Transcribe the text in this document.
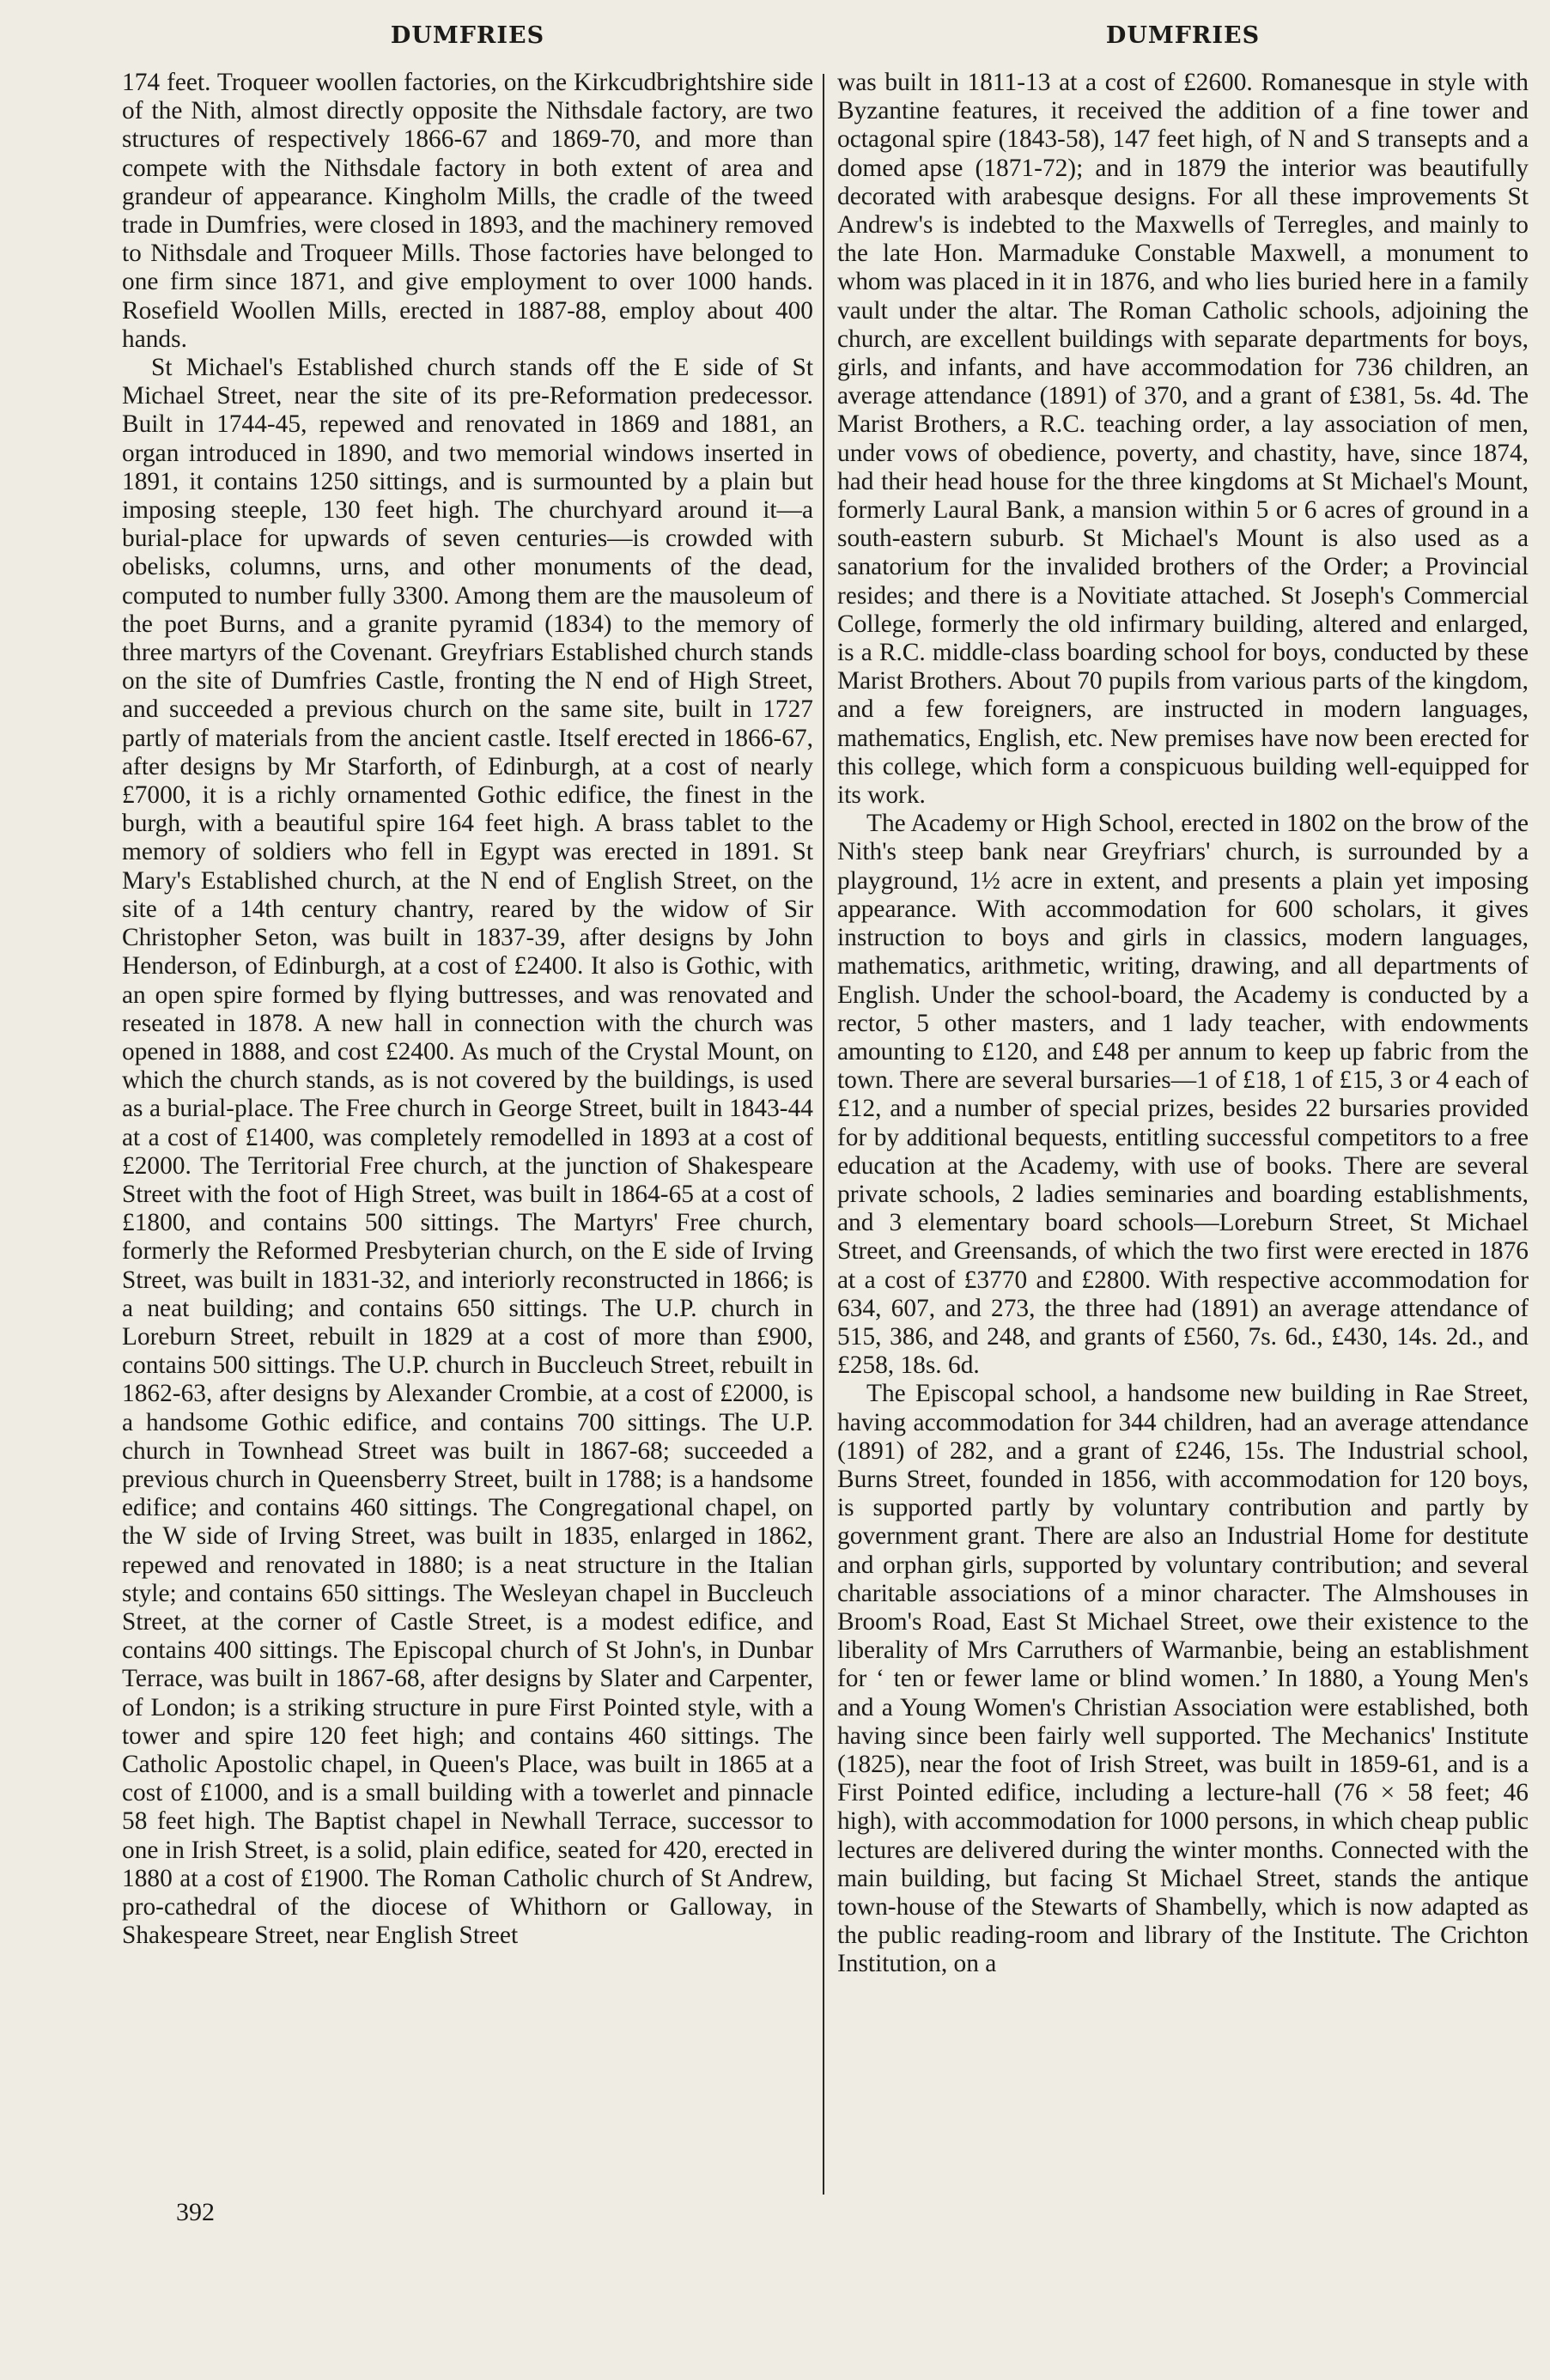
DUMFRIES	DUMFRIES

174 feet. Troqueer woollen factories, on the Kirkcudbrightshire side of the Nith, almost directly opposite the Nithsdale factory, are two structures of respectively 1866-67 and 1869-70, and more than compete with the Nithsdale factory in both extent of area and grandeur of appearance. Kingholm Mills, the cradle of the tweed trade in Dumfries, were closed in 1893, and the machinery removed to Nithsdale and Troqueer Mills. Those factories have belonged to one firm since 1871, and give employment to over 1000 hands. Rosefield Woollen Mills, erected in 1887-88, employ about 400 hands.

St Michael's Established church stands off the E side of St Michael Street, near the site of its pre-Reformation predecessor. Built in 1744-45, repewed and renovated in 1869 and 1881, an organ introduced in 1890, and two memorial windows inserted in 1891, it contains 1250 sittings, and is surmounted by a plain but imposing steeple, 130 feet high. The churchyard around it—a burial-place for upwards of seven centuries—is crowded with obelisks, columns, urns, and other monuments of the dead, computed to number fully 3300. Among them are the mausoleum of the poet Burns, and a granite pyramid (1834) to the memory of three martyrs of the Covenant. Greyfriars Established church stands on the site of Dumfries Castle, fronting the N end of High Street, and succeeded a previous church on the same site, built in 1727 partly of materials from the ancient castle. Itself erected in 1866-67, after designs by Mr Starforth, of Edinburgh, at a cost of nearly £7000, it is a richly ornamented Gothic edifice, the finest in the burgh, with a beautiful spire 164 feet high. A brass tablet to the memory of soldiers who fell in Egypt was erected in 1891. St Mary's Established church, at the N end of English Street, on the site of a 14th century chantry, reared by the widow of Sir Christopher Seton, was built in 1837-39, after designs by John Henderson, of Edinburgh, at a cost of £2400. It also is Gothic, with an open spire formed by flying buttresses, and was renovated and reseated in 1878. A new hall in connection with the church was opened in 1888, and cost £2400. As much of the Crystal Mount, on which the church stands, as is not covered by the buildings, is used as a burial-place. The Free church in George Street, built in 1843-44 at a cost of £1400, was completely remodelled in 1893 at a cost of £2000. The Territorial Free church, at the junction of Shakespeare Street with the foot of High Street, was built in 1864-65 at a cost of £1800, and contains 500 sittings. The Martyrs' Free church, formerly the Reformed Presbyterian church, on the E side of Irving Street, was built in 1831-32, and interiorly reconstructed in 1866; is a neat building; and contains 650 sittings. The U.P. church in Loreburn Street, rebuilt in 1829 at a cost of more than £900, contains 500 sittings. The U.P. church in Buccleuch Street, rebuilt in 1862-63, after designs by Alexander Crombie, at a cost of £2000, is a handsome Gothic edifice, and contains 700 sittings. The U.P. church in Townhead Street was built in 1867-68; succeeded a previous church in Queensberry Street, built in 1788; is a handsome edifice; and contains 460 sittings. The Congregational chapel, on the W side of Irving Street, was built in 1835, enlarged in 1862, repewed and renovated in 1880; is a neat structure in the Italian style; and contains 650 sittings. The Wesleyan chapel in Buccleuch Street, at the corner of Castle Street, is a modest edifice, and contains 400 sittings. The Episcopal church of St John's, in Dunbar Terrace, was built in 1867-68, after designs by Slater and Carpenter, of London; is a striking structure in pure First Pointed style, with a tower and spire 120 feet high; and contains 460 sittings. The Catholic Apostolic chapel, in Queen's Place, was built in 1865 at a cost of £1000, and is a small building with a towerlet and pinnacle 58 feet high. The Baptist chapel in Newhall Terrace, successor to one in Irish Street, is a solid, plain edifice, seated for 420, erected in 1880 at a cost of £1900. The Roman Catholic church of St Andrew, pro-cathedral of the diocese of Whithorn or Galloway, in Shakespeare Street, near English Street

was built in 1811-13 at a cost of £2600. Romanesque in style with Byzantine features, it received the addition of a fine tower and octagonal spire (1843-58), 147 feet high, of N and S transepts and a domed apse (1871-72); and in 1879 the interior was beautifully decorated with arabesque designs. For all these improvements St Andrew's is indebted to the Maxwells of Terregles, and mainly to the late Hon. Marmaduke Constable Maxwell, a monument to whom was placed in it in 1876, and who lies buried here in a family vault under the altar. The Roman Catholic schools, adjoining the church, are excellent buildings with separate departments for boys, girls, and infants, and have accommodation for 736 children, an average attendance (1891) of 370, and a grant of £381, 5s. 4d. The Marist Brothers, a R.C. teaching order, a lay association of men, under vows of obedience, poverty, and chastity, have, since 1874, had their head house for the three kingdoms at St Michael's Mount, formerly Laural Bank, a mansion within 5 or 6 acres of ground in a south-eastern suburb. St Michael's Mount is also used as a sanatorium for the invalided brothers of the Order; a Provincial resides; and there is a Novitiate attached. St Joseph's Commercial College, formerly the old infirmary building, altered and enlarged, is a R.C. middle-class boarding school for boys, conducted by these Marist Brothers. About 70 pupils from various parts of the kingdom, and a few foreigners, are instructed in modern languages, mathematics, English, etc. New premises have now been erected for this college, which form a conspicuous building well-equipped for its work.

The Academy or High School, erected in 1802 on the brow of the Nith's steep bank near Greyfriars' church, is surrounded by a playground, 1½ acre in extent, and presents a plain yet imposing appearance. With accommodation for 600 scholars, it gives instruction to boys and girls in classics, modern languages, mathematics, arithmetic, writing, drawing, and all departments of English. Under the school-board, the Academy is conducted by a rector, 5 other masters, and 1 lady teacher, with endowments amounting to £120, and £48 per annum to keep up fabric from the town. There are several bursaries—1 of £18, 1 of £15, 3 or 4 each of £12, and a number of special prizes, besides 22 bursaries provided for by additional bequests, entitling successful competitors to a free education at the Academy, with use of books. There are several private schools, 2 ladies seminaries and boarding establishments, and 3 elementary board schools—Loreburn Street, St Michael Street, and Greensands, of which the two first were erected in 1876 at a cost of £3770 and £2800. With respective accommodation for 634, 607, and 273, the three had (1891) an average attendance of 515, 386, and 248, and grants of £560, 7s. 6d., £430, 14s. 2d., and £258, 18s. 6d.

The Episcopal school, a handsome new building in Rae Street, having accommodation for 344 children, had an average attendance (1891) of 282, and a grant of £246, 15s. The Industrial school, Burns Street, founded in 1856, with accommodation for 120 boys, is supported partly by voluntary contribution and partly by government grant. There are also an Industrial Home for destitute and orphan girls, supported by voluntary contribution; and several charitable associations of a minor character. The Almshouses in Broom's Road, East St Michael Street, owe their existence to the liberality of Mrs Carruthers of Warmanbie, being an establishment for ‘ ten or fewer lame or blind women.’ In 1880, a Young Men's and a Young Women's Christian Association were established, both having since been fairly well supported. The Mechanics' Institute (1825), near the foot of Irish Street, was built in 1859-61, and is a First Pointed edifice, including a lecture-hall (76 × 58 feet; 46 high), with accommodation for 1000 persons, in which cheap public lectures are delivered during the winter months. Connected with the main building, but facing St Michael Street, stands the antique town-house of the Stewarts of Shambelly, which is now adapted as the public reading-room and library of the Institute. The Crichton Institution, on a

392
